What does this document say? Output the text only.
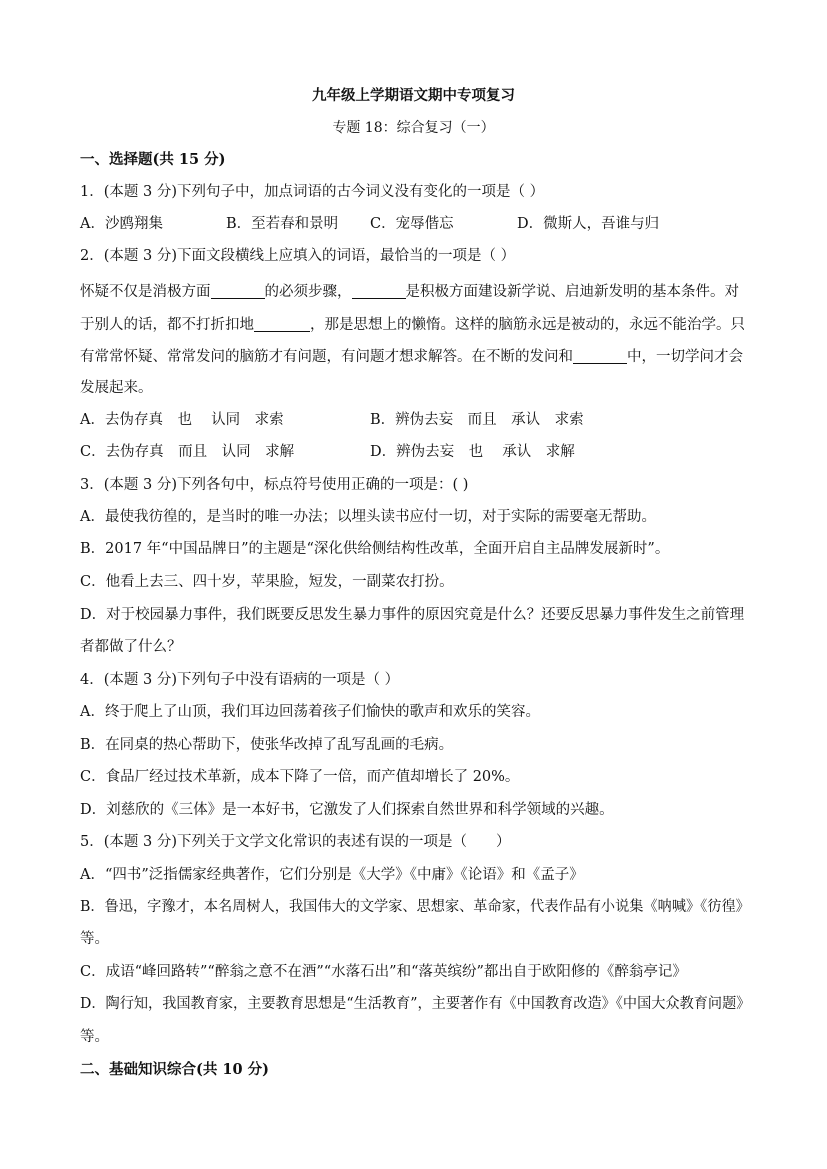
九年级上学期语文期中专项复习
专题 18：综合复习（一）
一、选择题(共 15 分)
1．(本题 3 分)下列句子中，加点词语的古今词义没有变化的一项是（ ）
A．沙鸥翔集	B．至若春和景明 C．宠辱偕忘	D．微斯人，吾谁与归
2．(本题 3 分)下面文段横线上应填入的词语，最恰当的一项是（ ）
怀疑不仅是消极方面	的必须步骤，	是积极方面建设新学说、启迪新发明的基本条件。对
于别人的话，都不打折扣地	，那是思想上的懒惰。这样的脑筋永远是被动的，永远不能治学。只
有常常怀疑、常常发问的脑筋才有问题，有问题才想求解答。在不断的发问和	中，一切学问才会
发展起来。
A．去伪存真　也　 认同　求索	B．辨伪去妄　而且　承认　求索
C．去伪存真　而且　认同　求解	D．辨伪去妄　也　 承认　求解
3．(本题 3 分)下列各句中，标点符号使用正确的一项是：( )
A．最使我彷徨的，是当时的唯一办法；以埋头读书应付一切，对于实际的需要毫无帮助。
B．2017 年“中国品牌日”的主题是“深化供给侧结构性改革，全面开启自主品牌发展新时”。
C．他看上去三、四十岁，苹果脸，短发，一副菜农打扮。
D．对于校园暴力事件，我们既要反思发生暴力事件的原因究竟是什么？还要反思暴力事件发生之前管理
者都做了什么？
4．(本题 3 分)下列句子中没有语病的一项是（ ）
A．终于爬上了山顶，我们耳边回荡着孩子们愉快的歌声和欢乐的笑容。
B．在同桌的热心帮助下，使张华改掉了乱写乱画的毛病。
C．食品厂经过技术革新，成本下降了一倍，而产值却增长了 20%。
D．刘慈欣的《三体》是一本好书，它激发了人们探索自然世界和科学领域的兴趣。
5．(本题 3 分)下列关于文学文化常识的表述有误的一项是（　　）
A．“四书”泛指儒家经典著作，它们分别是《大学》《中庸》《论语》和《孟子》
B．鲁迅，字豫才，本名周树人，我国伟大的文学家、思想家、革命家，代表作品有小说集《呐喊》《彷徨》
等。
C．成语“峰回路转”“醉翁之意不在酒”“水落石出”和“落英缤纷”都出自于欧阳修的《醉翁亭记》
D．陶行知，我国教育家，主要教育思想是“生活教育”，主要著作有《中国教育改造》《中国大众教育问题》
等。
二、基础知识综合(共 10 分)
